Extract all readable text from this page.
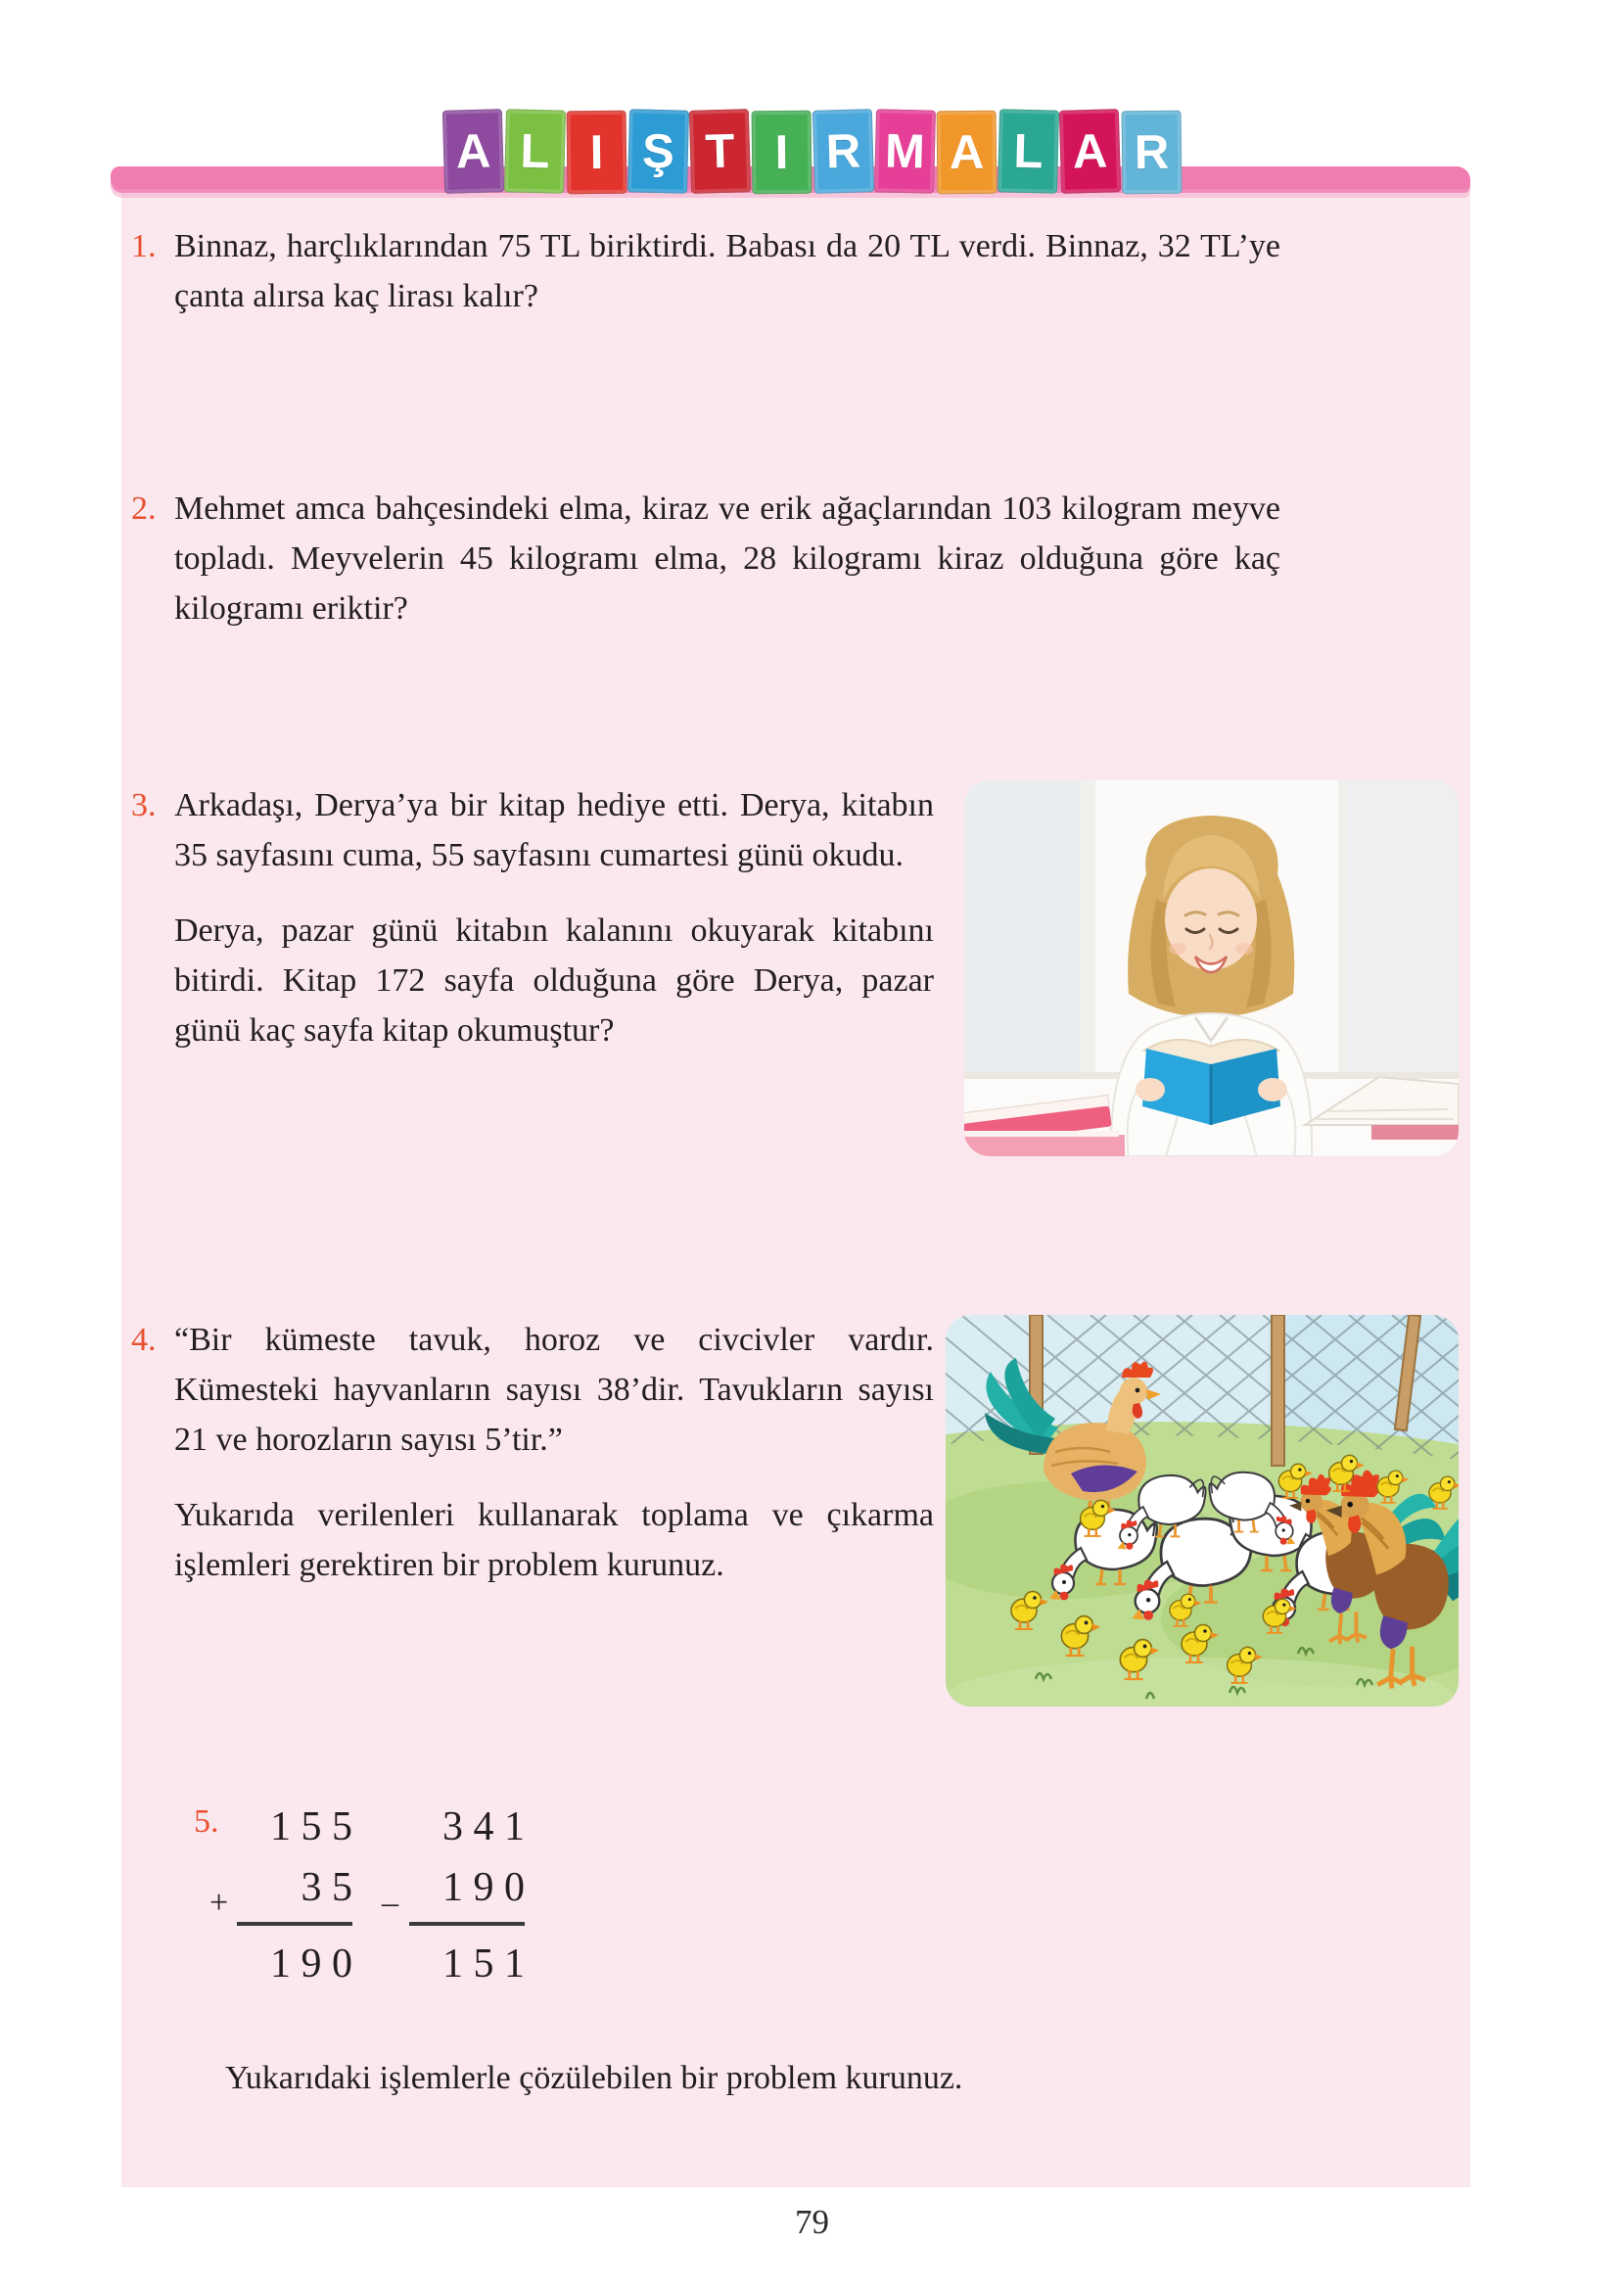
A L I Ş T I R M A L A R
1. Binnaz, harçlıklarından 75 TL biriktirdi. Babası da 20 TL verdi. Binnaz, 32 TL’ye çanta alırsa kaç lirası kalır?

2. Mehmet amca bahçesindeki elma, kiraz ve erik ağaçlarından 103 kilogram meyve topladı. Meyvelerin 45 kilogramı elma, 28 kilogramı kiraz olduğuna göre kaç kilogramı eriktir?

3. Arkadaşı, Derya’ya bir kitap hediye etti. Derya, kitabın 35 sayfasını cuma, 55 sayfasını cumartesi günü okudu.

Derya, pazar günü kitabın kalanını okuyarak kitabını bitirdi. Kitap 172 sayfa olduğuna göre Derya, pazar günü kaç sayfa kitap okumuştur?

4. “Bir kümeste tavuk, horoz ve civcivler vardır. Kümesteki hayvanların sayısı 38’dir. Tavukların sayısı 21 ve horozların sayısı 5’tir.”

Yukarıda verilenleri kullanarak toplama ve çıkarma işlemleri gerektiren bir problem kurunuz.

5.	1 5 5
+ 3 5
1 9 0
3 4 1
– 1 9 0
1 5 1

Yukarıdaki işlemlerle çözülebilen bir problem kurunuz.

79
